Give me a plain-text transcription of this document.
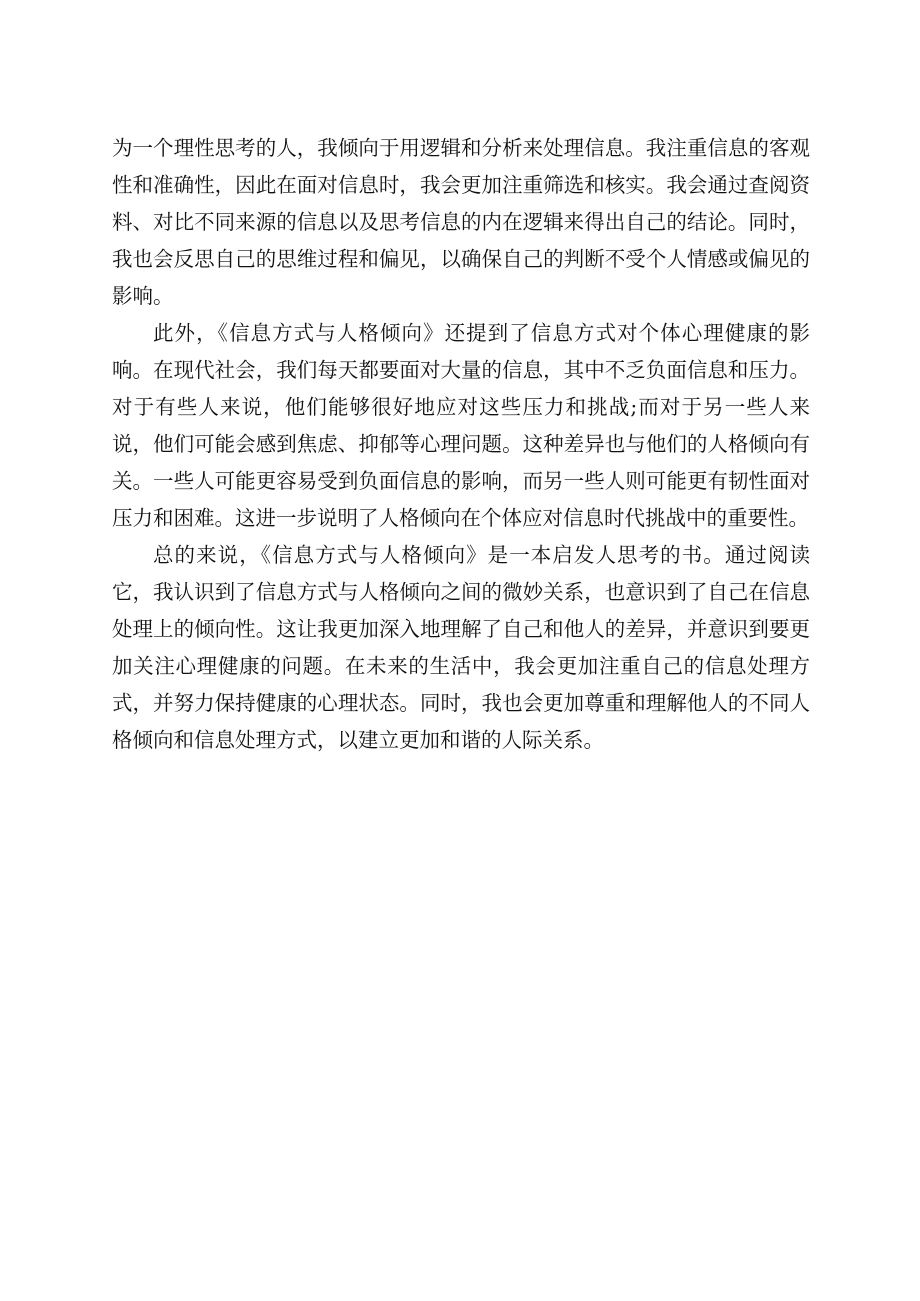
为一个理性思考的人，我倾向于用逻辑和分析来处理信息。我注重信息的客观性和准确性，因此在面对信息时，我会更加注重筛选和核实。我会通过查阅资料、对比不同来源的信息以及思考信息的内在逻辑来得出自己的结论。同时，我也会反思自己的思维过程和偏见，以确保自己的判断不受个人情感或偏见的影响。

此外，《信息方式与人格倾向》还提到了信息方式对个体心理健康的影响。在现代社会，我们每天都要面对大量的信息，其中不乏负面信息和压力。对于有些人来说，他们能够很好地应对这些压力和挑战;而对于另一些人来说，他们可能会感到焦虑、抑郁等心理问题。这种差异也与他们的人格倾向有关。一些人可能更容易受到负面信息的影响，而另一些人则可能更有韧性面对压力和困难。这进一步说明了人格倾向在个体应对信息时代挑战中的重要性。

总的来说，《信息方式与人格倾向》是一本启发人思考的书。通过阅读它，我认识到了信息方式与人格倾向之间的微妙关系，也意识到了自己在信息处理上的倾向性。这让我更加深入地理解了自己和他人的差异，并意识到要更加关注心理健康的问题。在未来的生活中，我会更加注重自己的信息处理方式，并努力保持健康的心理状态。同时，我也会更加尊重和理解他人的不同人格倾向和信息处理方式，以建立更加和谐的人际关系。
